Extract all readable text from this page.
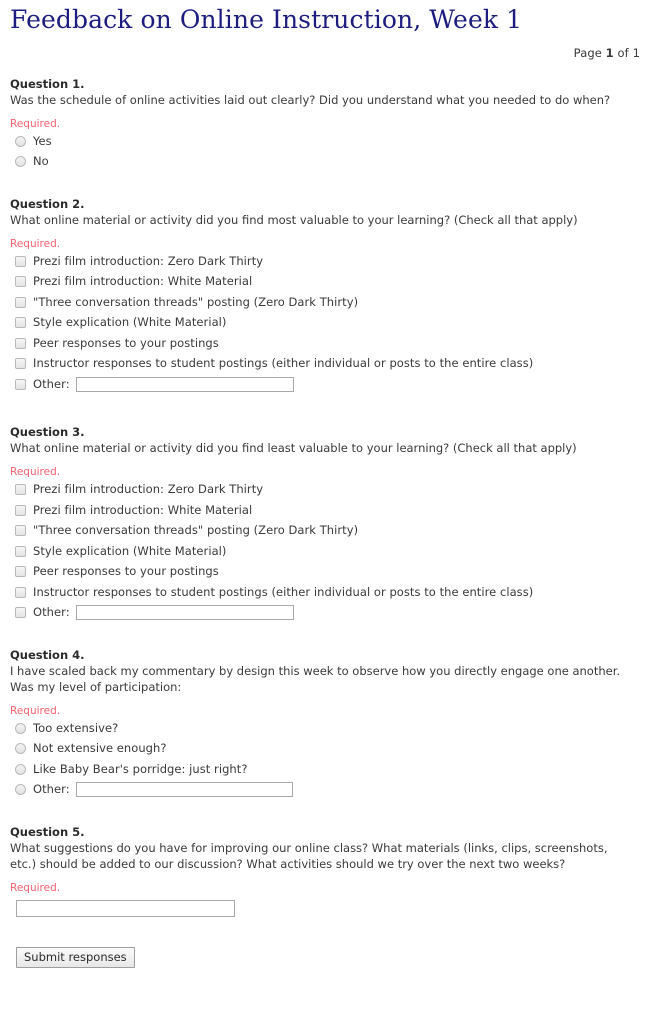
Feedback on Online Instruction, Week 1
Page 1 of 1
Question 1.
Was the schedule of online activities laid out clearly? Did you understand what you needed to do when?
Required.
Yes
No
Question 2.
What online material or activity did you find most valuable to your learning? (Check all that apply)
Required.
Prezi film introduction: Zero Dark Thirty
Prezi film introduction: White Material
"Three conversation threads" posting (Zero Dark Thirty)
Style explication (White Material)
Peer responses to your postings
Instructor responses to student postings (either individual or posts to the entire class)
Other:
Question 3.
What online material or activity did you find least valuable to your learning? (Check all that apply)
Required.
Prezi film introduction: Zero Dark Thirty
Prezi film introduction: White Material
"Three conversation threads" posting (Zero Dark Thirty)
Style explication (White Material)
Peer responses to your postings
Instructor responses to student postings (either individual or posts to the entire class)
Other:
Question 4.
I have scaled back my commentary by design this week to observe how you directly engage one another. Was my level of participation:
Required.
Too extensive?
Not extensive enough?
Like Baby Bear's porridge: just right?
Other:
Question 5.
What suggestions do you have for improving our online class? What materials (links, clips, screenshots, etc.) should be added to our discussion? What activities should we try over the next two weeks?
Required.
Submit responses
